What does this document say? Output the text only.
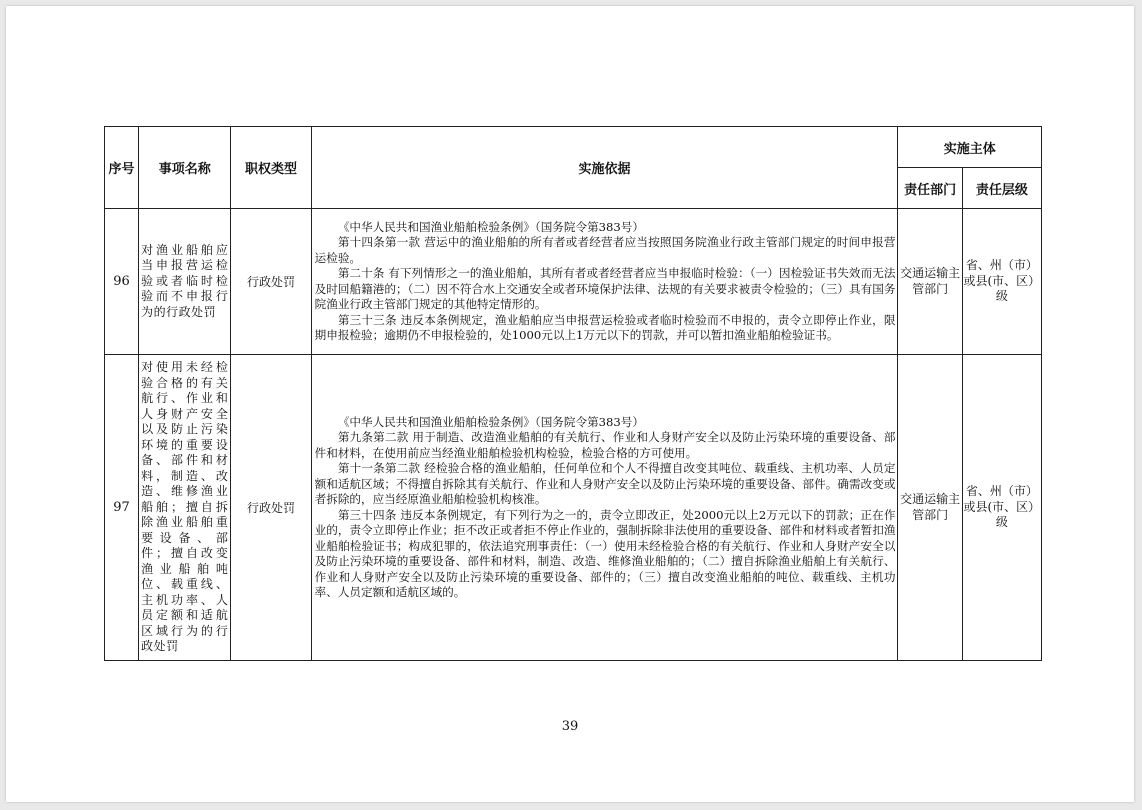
序号	事项名称	职权类型	实施依据	实施主体	
				责任部门	责任层级
96	对渔业船舶应当申报营运检验或者临时检验而不申报行为的行政处罚	行政处罚	《中华人民共和国渔业船舶检验条例》（国务院令第383号）

第十四条第一款 营运中的渔业船舶的所有者或者经营者应当按照国务院渔业行政主管部门规定的时间申报营运检验。

第二十条 有下列情形之一的渔业船舶，其所有者或者经营者应当申报临时检验：（一）因检验证书失效而无法及时回船籍港的；（二）因不符合水上交通安全或者环境保护法律、法规的有关要求被责令检验的；（三）具有国务院渔业行政主管部门规定的其他特定情形的。

第三十三条 违反本条例规定，渔业船舶应当申报营运检验或者临时检验而不申报的，责令立即停止作业，限期申报检验；逾期仍不申报检验的，处1000元以上1万元以下的罚款，并可以暂扣渔业船舶检验证书。	交通运输主管部门	省、州（市）或县(市、区）级
97	对使用未经检验合格的有关航行、作业和人身财产安全以及防止污染环境的重要设备、部件和材料，制造、改造、维修渔业船舶；擅自拆除渔业船舶重要设备、部件；擅自改变渔业船舶吨位、载重线、主机功率、人员定额和适航区域行为的行政处罚	行政处罚	《中华人民共和国渔业船舶检验条例》（国务院令第383号）

第九条第二款 用于制造、改造渔业船舶的有关航行、作业和人身财产安全以及防止污染环境的重要设备、部件和材料，在使用前应当经渔业船舶检验机构检验，检验合格的方可使用。

第十一条第二款 经检验合格的渔业船舶，任何单位和个人不得擅自改变其吨位、载重线、主机功率、人员定额和适航区域；不得擅自拆除其有关航行、作业和人身财产安全以及防止污染环境的重要设备、部件。确需改变或者拆除的，应当经原渔业船舶检验机构核准。

第三十四条 违反本条例规定，有下列行为之一的，责令立即改正，处2000元以上2万元以下的罚款；正在作业的，责令立即停止作业；拒不改正或者拒不停止作业的，强制拆除非法使用的重要设备、部件和材料或者暂扣渔业船舶检验证书；构成犯罪的，依法追究刑事责任：（一）使用未经检验合格的有关航行、作业和人身财产安全以及防止污染环境的重要设备、部件和材料，制造、改造、维修渔业船舶的；（二）擅自拆除渔业船舶上有关航行、作业和人身财产安全以及防止污染环境的重要设备、部件的；（三）擅自改变渔业船舶的吨位、载重线、主机功率、人员定额和适航区域的。	交通运输主管部门	省、州（市）或县(市、区）级
39
